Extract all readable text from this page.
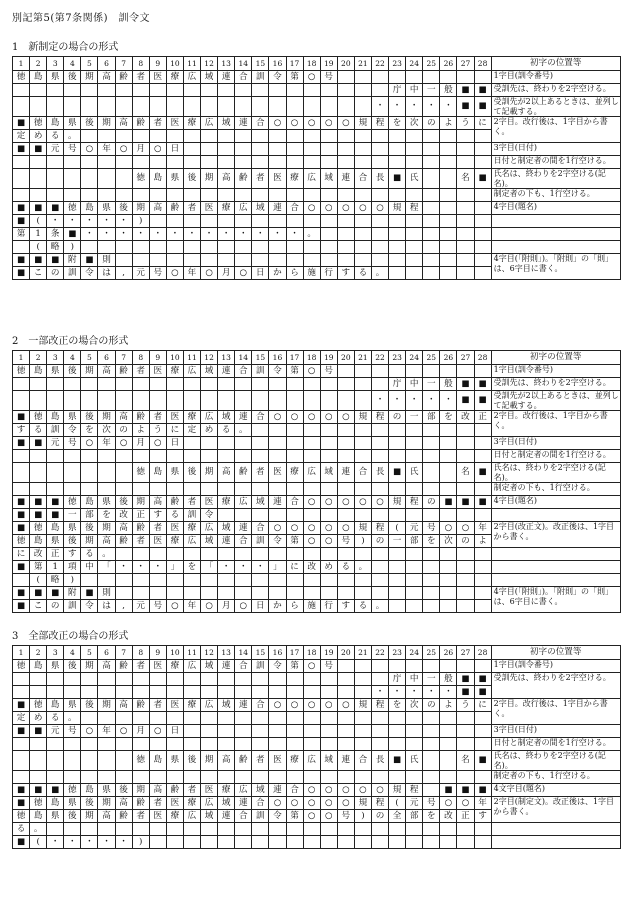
別記第5(第7条関係)　訓令文
1　新制定の場合の形式
1	2	3	4	5	6	7	8	9	10	11	12	13	14	15	16	17	18	19	20	21	22	23	24	25	26	27	28	初字の位置等
徳	島	県	後	期	高	齢	者	医	療	広	域	連	合	訓	令	第	○	号										1字目(訓令番号)
																						庁	中	一	般	■	■	受訓先は、終わりを2字空ける。
																					・	・	・	・	・	■	■	受訓先が2以上あるときは、並列して記載する。
■	徳	島	県	後	期	高	齢	者	医	療	広	域	連	合	○	○	○	○	○	規	程	を	次	の	よ	う	に	2字目。改行後は、1字目から書く。
定	め	る	。																									
■	■	元	号	○	年	○	月	○	日																			3字目(日付)
																												日付と制定者の間を1行空ける。
							徳	島	県	後	期	高	齢	者	医	療	広	域	連	合	長	■	氏			名	■	氏名は、終わりを2字空ける(記名)。
																												制定者の下も、1行空ける。
■	■	■	徳	島	県	後	期	高	齢	者	医	療	広	域	連	合	○	○	○	○	○	規	程					4字目(題名)
■	(	・	・	・	・	・	)																					
第	1	条	■	・	・	・	・	・	・	・	・	・	・	・	・	・	。											
	(	略	)																									
■	■	■	附	■	則																							4字目(「附則」)。「附則」の「則」は、6字目に書く。
■	こ	の	訓	令	は	,	元	号	○	年	○	月	○	日	か	ら	施	行	す	る	。							
2　一部改正の場合の形式
1	2	3	4	5	6	7	8	9	10	11	12	13	14	15	16	17	18	19	20	21	22	23	24	25	26	27	28	初字の位置等
徳	島	県	後	期	高	齢	者	医	療	広	域	連	合	訓	令	第	○	号										1字目(訓令番号)
																						庁	中	一	般	■	■	受訓先は、終わりを2字空ける。
																					・	・	・	・	・	■	■	受訓先が2以上あるときは、並列して記載する。
■	徳	島	県	後	期	高	齢	者	医	療	広	域	連	合	○	○	○	○	○	規	程	の	一	部	を	改	正	2字目。改行後は、1字目から書く。
す	る	訓	令	を	次	の	よ	う	に	定	め	る	。															
■	■	元	号	○	年	○	月	○	日																			3字目(日付)
																												日付と制定者の間を1行空ける。
							徳	島	県	後	期	高	齢	者	医	療	広	域	連	合	長	■	氏			名	■	氏名は、終わりを2字空ける(記名)。
																												制定者の下も、1行空ける。
■	■	■	徳	島	県	後	期	高	齢	者	医	療	広	域	連	合	○	○	○	○	○	規	程	の	■	■	■	4字目(題名)
■	■	■	一	部	を	改	正	す	る	訓	令																	
■	徳	島	県	後	期	高	齢	者	医	療	広	域	連	合	○	○	○	○	○	規	程	(	元	号	○	○	年	2字目(改正文)。改正後は、1字目から書く。
徳	島	県	後	期	高	齢	者	医	療	広	域	連	合	訓	令	第	○	○	号	)	の	一	部	を	次	の	よ	
に	改	正	す	る	。																							
■	第	1	項	中	「	・	・	・	」	を	「	・	・	・	」	に	改	め	る	。								
	(	略	)																									
■	■	■	附	■	則																							4字目(「附則」)。「附則」の「則」は、6字目に書く。
■	こ	の	訓	令	は	,	元	号	○	年	○	月	○	日	か	ら	施	行	す	る	。							
3　全部改正の場合の形式
1	2	3	4	5	6	7	8	9	10	11	12	13	14	15	16	17	18	19	20	21	22	23	24	25	26	27	28	初字の位置等
徳	島	県	後	期	高	齢	者	医	療	広	域	連	合	訓	令	第	○	号										1字目(訓令番号)
																						庁	中	一	般	■	■	受訓先は、終わりを2字空ける。
																					・	・	・	・	・	■	■	
■	徳	島	県	後	期	高	齢	者	医	療	広	域	連	合	○	○	○	○	○	規	程	を	次	の	よ	う	に	2字目。改行後は、1字目から書く。
定	め	る	。																									
■	■	元	号	○	年	○	月	○	日																			3字目(日付)
																												日付と制定者の間を1行空ける。
							徳	島	県	後	期	高	齢	者	医	療	広	域	連	合	長	■	氏			名	■	氏名は、終わりを2字空ける(記名)。
																												制定者の下も、1行空ける。
■	■	■	徳	島	県	後	期	高	齢	者	医	療	広	域	連	合	○	○	○	○	○	規	程		■	■	■	4文字目(題名)
■	徳	島	県	後	期	高	齢	者	医	療	広	域	連	合	○	○	○	○	○	規	程	(	元	号	○	○	年	2字目(制定文)。改正後は、1字目から書く。
徳	島	県	後	期	高	齢	者	医	療	広	域	連	合	訓	令	第	○	○	号	)	の	全	部	を	改	正	す	
る	。																											
■	(	・	・	・	・	・	)																					
